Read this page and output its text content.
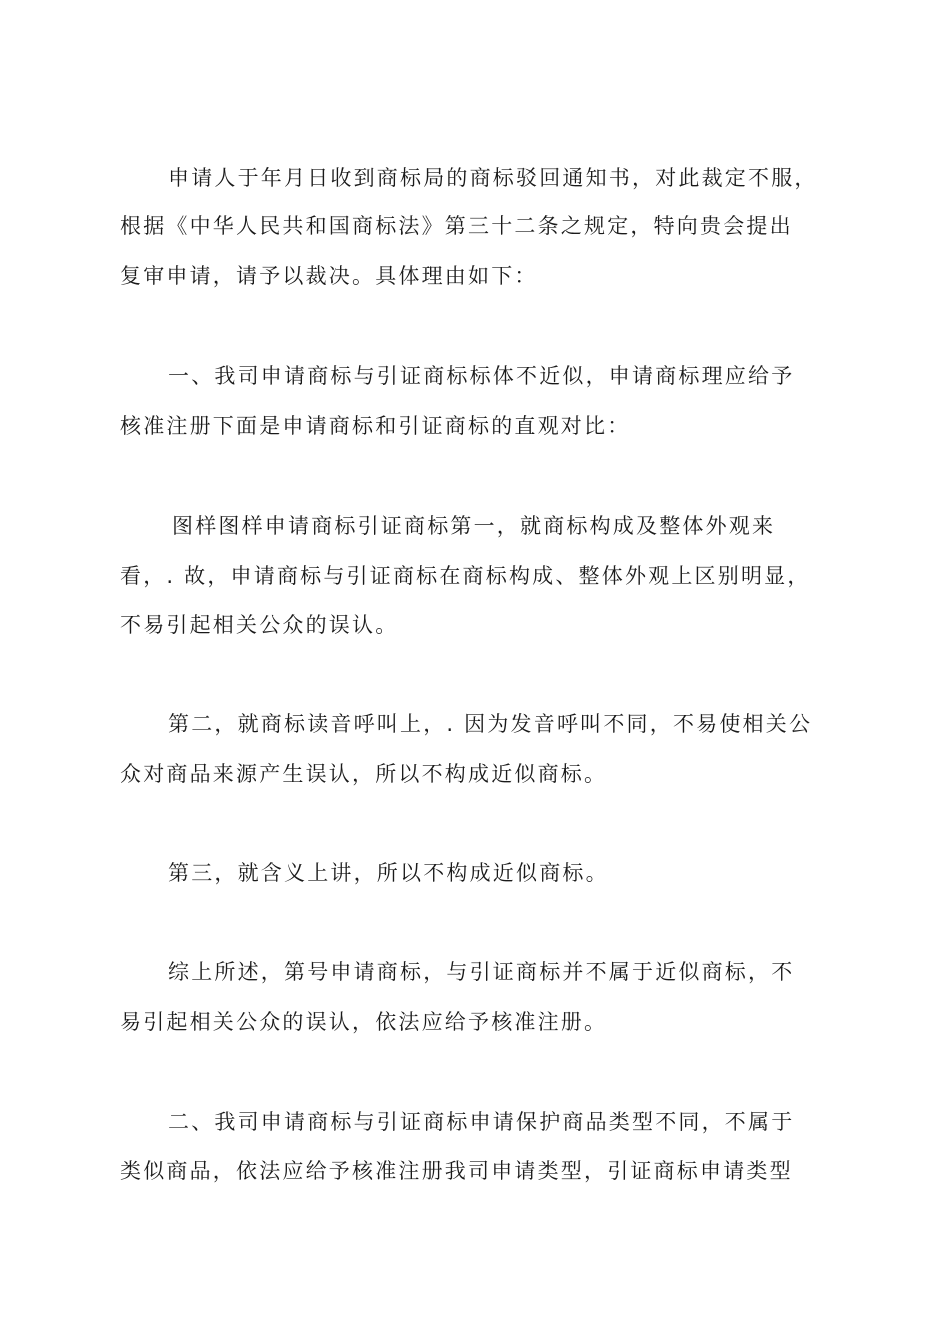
申请人于年月日收到商标局的商标驳回通知书，对此裁定不服，
根据《中华人民共和国商标法》第三十二条之规定，特向贵会提出
复审申请，请予以裁决。具体理由如下：
一、我司申请商标与引证商标标体不近似，申请商标理应给予
核准注册下面是申请商标和引证商标的直观对比：
图样图样申请商标引证商标第一，就商标构成及整体外观来
看，. 故，申请商标与引证商标在商标构成、整体外观上区别明显，
不易引起相关公众的误认。
第二，就商标读音呼叫上，. 因为发音呼叫不同，不易使相关公
众对商品来源产生误认，所以不构成近似商标。
第三，就含义上讲，所以不构成近似商标。
综上所述，第号申请商标，与引证商标并不属于近似商标，不
易引起相关公众的误认，依法应给予核准注册。
二、我司申请商标与引证商标申请保护商品类型不同，不属于
类似商品，依法应给予核准注册我司申请类型，引证商标申请类型
